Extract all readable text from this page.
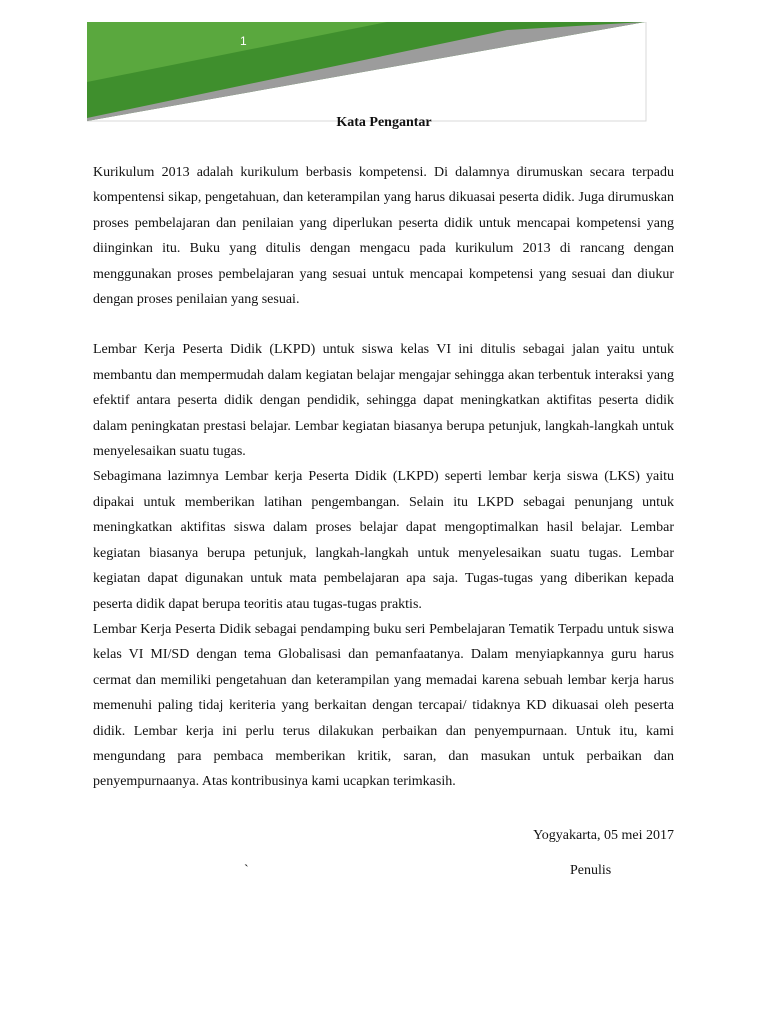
1
Kata Pengantar

Kurikulum 2013 adalah kurikulum berbasis kompetensi. Di dalamnya dirumuskan secara terpadu kompentensi sikap, pengetahuan, dan keterampilan yang harus dikuasai peserta didik. Juga dirumuskan proses pembelajaran dan penilaian yang diperlukan peserta didik untuk mencapai kompetensi yang diinginkan itu. Buku yang ditulis dengan mengacu pada kurikulum 2013 di rancang dengan menggunakan proses pembelajaran yang sesuai untuk mencapai kompetensi yang sesuai dan diukur dengan proses penilaian yang sesuai.

Lembar Kerja Peserta Didik (LKPD) untuk siswa kelas VI ini ditulis sebagai jalan yaitu untuk membantu dan mempermudah dalam kegiatan belajar mengajar sehingga akan terbentuk interaksi yang efektif antara peserta didik dengan pendidik, sehingga dapat meningkatkan aktifitas peserta didik dalam peningkatan prestasi belajar. Lembar kegiatan biasanya berupa petunjuk, langkah-langkah untuk menyelesaikan suatu tugas.

Sebagimana lazimnya Lembar kerja Peserta Didik (LKPD) seperti lembar kerja siswa (LKS) yaitu dipakai untuk memberikan latihan pengembangan. Selain itu LKPD sebagai penunjang untuk meningkatkan aktifitas siswa dalam proses belajar dapat mengoptimalkan hasil belajar. Lembar kegiatan biasanya berupa petunjuk, langkah-langkah untuk menyelesaikan suatu tugas. Lembar kegiatan dapat digunakan untuk mata pembelajaran apa saja. Tugas-tugas yang diberikan kepada peserta didik dapat berupa teoritis atau tugas-tugas praktis.

Lembar Kerja Peserta Didik sebagai pendamping buku seri Pembelajaran Tematik Terpadu untuk siswa kelas VI MI/SD dengan tema Globalisasi dan pemanfaatanya. Dalam menyiapkannya guru harus cermat dan memiliki pengetahuan dan keterampilan yang memadai karena sebuah lembar kerja harus memenuhi paling tidaj keriteria yang berkaitan dengan tercapai/ tidaknya KD dikuasai oleh peserta didik. Lembar kerja ini perlu terus dilakukan perbaikan dan penyempurnaan. Untuk itu, kami mengundang para pembaca memberikan kritik, saran, dan masukan untuk perbaikan dan penyempurnaanya. Atas kontribusinya kami ucapkan terimkasih.

Yogyakarta, 05 mei 2017
`	Penulis
